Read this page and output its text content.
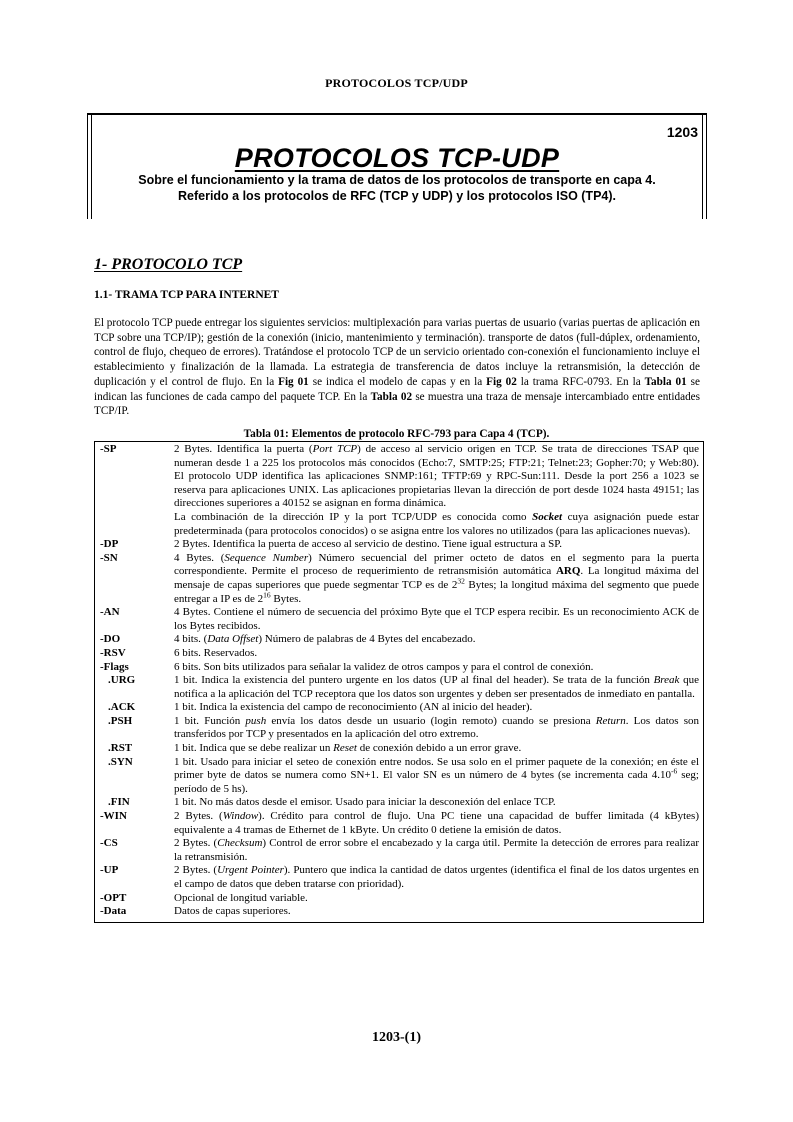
PROTOCOLOS TCP/UDP
1203
PROTOCOLOS TCP-UDP
Sobre el funcionamiento y la trama de datos de los protocolos de transporte en capa 4.
Referido a los protocolos de RFC (TCP y UDP) y los protocolos ISO (TP4).
1- PROTOCOLO TCP
1.1- TRAMA TCP PARA INTERNET
El protocolo TCP puede entregar los siguientes servicios: multiplexación para varias puertas de usuario (varias puertas de aplicación en TCP sobre una TCP/IP); gestión de la conexión (inicio, mantenimiento y terminación). transporte de datos (full-dúplex, ordenamiento, control de flujo, chequeo de errores). Tratándose el protocolo TCP de un servicio orientado con-conexión el funcionamiento incluye el establecimiento y finalización de la llamada. La estrategia de transferencia de datos incluye la retransmisión, la detección de duplicación y el control de flujo. En la Fig 01 se indica el modelo de capas y en la Fig 02 la trama RFC-0793. En la Tabla 01 se indican las funciones de cada campo del paquete TCP. En la Tabla 02 se muestra una traza de mensaje intercambiado entre entidades TCP/IP.
Tabla 01: Elementos de protocolo RFC-793 para Capa 4 (TCP).
-SP	2 Bytes. Identifica la puerta (Port TCP) de acceso al servicio origen en TCP. Se trata de direcciones TSAP que numeran desde 1 a 225 los protocolos más conocidos (Echo:7, SMTP:25; FTP:21; Telnet:23; Gopher:70; y Web:80). El protocolo UDP identifica las aplicaciones SNMP:161; TFTP:69 y RPC-Sun:111. Desde la port 256 a 1023 se reserva para aplicaciones UNIX. Las aplicaciones propietarias llevan la dirección de port desde 1024 hasta 49151; las direcciones superiores a 40152 se asignan en forma dinámica.
La combinación de la dirección IP y la port TCP/UDP es conocida como Socket cuya asignación puede estar predeterminada (para protocolos conocidos) o se asigna entre los valores no utilizados (para las aplicaciones nuevas).
-DP	2 Bytes. Identifica la puerta de acceso al servicio de destino. Tiene igual estructura a SP.
-SN	4 Bytes. (Sequence Number) Número secuencial del primer octeto de datos en el segmento para la puerta correspondiente. Permite el proceso de requerimiento de retransmisión automática ARQ. La longitud máxima del mensaje de capas superiores que puede segmentar TCP es de $2^{32}$ Bytes; la longitud máxima del segmento que puede entregar a IP es de $2^{16}$ Bytes.
-AN	4 Bytes. Contiene el número de secuencia del próximo Byte que el TCP espera recibir. Es un reconocimiento ACK de los Bytes recibidos.
-DO	4 bits. (Data Offset) Número de palabras de 4 Bytes del encabezado.
-RSV	6 bits. Reservados.
-Flags	6 bits. Son bits utilizados para señalar la validez de otros campos y para el control de conexión.
.URG	1 bit. Indica la existencia del puntero urgente en los datos (UP al final del header). Se trata de la función Break que notifica a la aplicación del TCP receptora que los datos son urgentes y deben ser presentados de inmediato en pantalla.
.ACK	1 bit. Indica la existencia del campo de reconocimiento (AN al inicio del header).
.PSH	1 bit. Función push envía los datos desde un usuario (login remoto) cuando se presiona Return. Los datos son transferidos por TCP y presentados en la aplicación del otro extremo.
.RST	1 bit. Indica que se debe realizar un Reset de conexión debido a un error grave.
.SYN	1 bit. Usado para iniciar el seteo de conexión entre nodos. Se usa solo en el primer paquete de la conexión; en éste el primer byte de datos se numera como SN+1. El valor SN es un número de 4 bytes (se incrementa cada $4.10^{-6}$ seg; período de 5 hs).
.FIN	1 bit. No más datos desde el emisor. Usado para iniciar la desconexión del enlace TCP.
-WIN	2 Bytes. (Window). Crédito para control de flujo. Una PC tiene una capacidad de buffer limitada (4 kBytes) equivalente a 4 tramas de Ethernet de 1 kByte. Un crédito 0 detiene la emisión de datos.
-CS	2 Bytes. (Checksum) Control de error sobre el encabezado y la carga útil. Permite la detección de errores para realizar la retransmisión.
-UP	2 Bytes. (Urgent Pointer). Puntero que indica la cantidad de datos urgentes (identifica el final de los datos urgentes en el campo de datos que deben tratarse con prioridad).
-OPT	Opcional de longitud variable.
-Data	Datos de capas superiores.
1203-(1)
